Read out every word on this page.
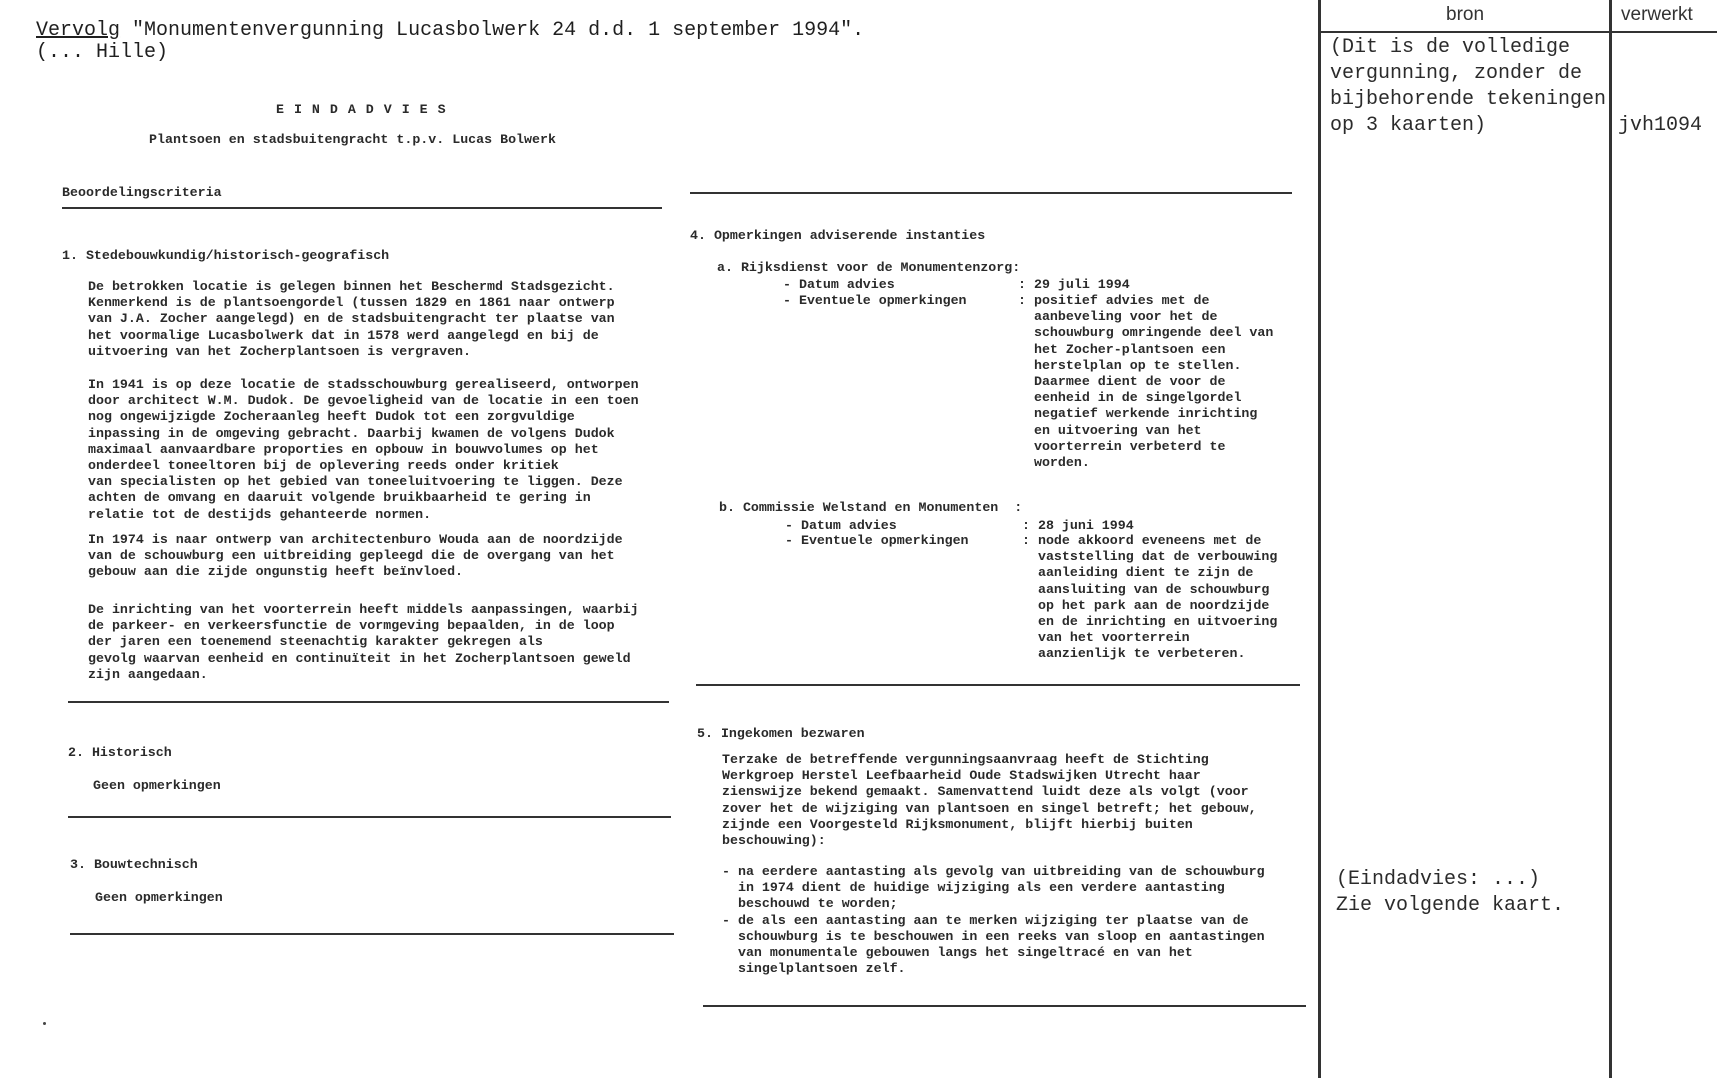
Vervolg "Monumentenvergunning Lucasbolwerk 24 d.d. 1 september 1994".
(... Hille)
E I N D A D V I E S
Plantsoen en stadsbuitengracht t.p.v. Lucas Bolwerk
Beoordelingscriteria
1. Stedebouwkundig/historisch-geografisch
De betrokken locatie is gelegen binnen het Beschermd Stadsgezicht.
Kenmerkend is de plantsoengordel (tussen 1829 en 1861 naar ontwerp
van J.A. Zocher aangelegd) en de stadsbuitengracht ter plaatse van
het voormalige Lucasbolwerk dat in 1578 werd aangelegd en bij de
uitvoering van het Zocherplantsoen is vergraven.
In 1941 is op deze locatie de stadsschouwburg gerealiseerd, ontworpen
door architect W.M. Dudok. De gevoeligheid van de locatie in een toen
nog ongewijzigde Zocheraanleg heeft Dudok tot een zorgvuldige
inpassing in de omgeving gebracht. Daarbij kwamen de volgens Dudok
maximaal aanvaardbare proporties en opbouw in bouwvolumes op het
onderdeel toneeltoren bij de oplevering reeds onder kritiek
van specialisten op het gebied van toneeluitvoering te liggen. Deze
achten de omvang en daaruit volgende bruikbaarheid te gering in
relatie tot de destijds gehanteerde normen.
In 1974 is naar ontwerp van architectenburo Wouda aan de noordzijde
van de schouwburg een uitbreiding gepleegd die de overgang van het
gebouw aan die zijde ongunstig heeft beïnvloed.
De inrichting van het voorterrein heeft middels aanpassingen, waarbij
de parkeer- en verkeersfunctie de vormgeving bepaalden, in de loop
der jaren een toenemend steenachtig karakter gekregen als
gevolg waarvan eenheid en continuïteit in het Zocherplantsoen geweld
zijn aangedaan.
2. Historisch
Geen opmerkingen
3. Bouwtechnisch
Geen opmerkingen
4. Opmerkingen adviserende instanties
a. Rijksdienst voor de Monumentenzorg:
- Datum advies
- Eventuele opmerkingen
: 29 juli 1994
: positief advies met de
aanbeveling voor het de
schouwburg omringende deel van
het Zocher-plantsoen een
herstelplan op te stellen.
Daarmee dient de voor de
eenheid in de singelgordel
negatief werkende inrichting
en uitvoering van het
voorterrein verbeterd te
worden.
b. Commissie Welstand en Monumenten  :
- Datum advies
- Eventuele opmerkingen
: 28 juni 1994
: node akkoord eveneens met de
vaststelling dat de verbouwing
aanleiding dient te zijn de
aansluiting van de schouwburg
op het park aan de noordzijde
en de inrichting en uitvoering
van het voorterrein
aanzienlijk te verbeteren.
5. Ingekomen bezwaren
Terzake de betreffende vergunningsaanvraag heeft de Stichting
Werkgroep Herstel Leefbaarheid Oude Stadswijken Utrecht haar
zienswijze bekend gemaakt. Samenvattend luidt deze als volgt (voor
zover het de wijziging van plantsoen en singel betreft; het gebouw,
zijnde een Voorgesteld Rijksmonument, blijft hierbij buiten
beschouwing):
- na eerdere aantasting als gevolg van uitbreiding van de schouwburg
in 1974 dient de huidige wijziging als een verdere aantasting
beschouwd te worden;
- de als een aantasting aan te merken wijziging ter plaatse van de
schouwburg is te beschouwen in een reeks van sloop en aantastingen
van monumentale gebouwen langs het singeltracé en van het
singelplantsoen zelf.
bron	verwerkt
(Dit is de volledige
vergunning, zonder de
bijbehorende tekeningen
op 3 kaarten)	jvh1094
(Eindadvies: ...)
Zie volgende kaart.
